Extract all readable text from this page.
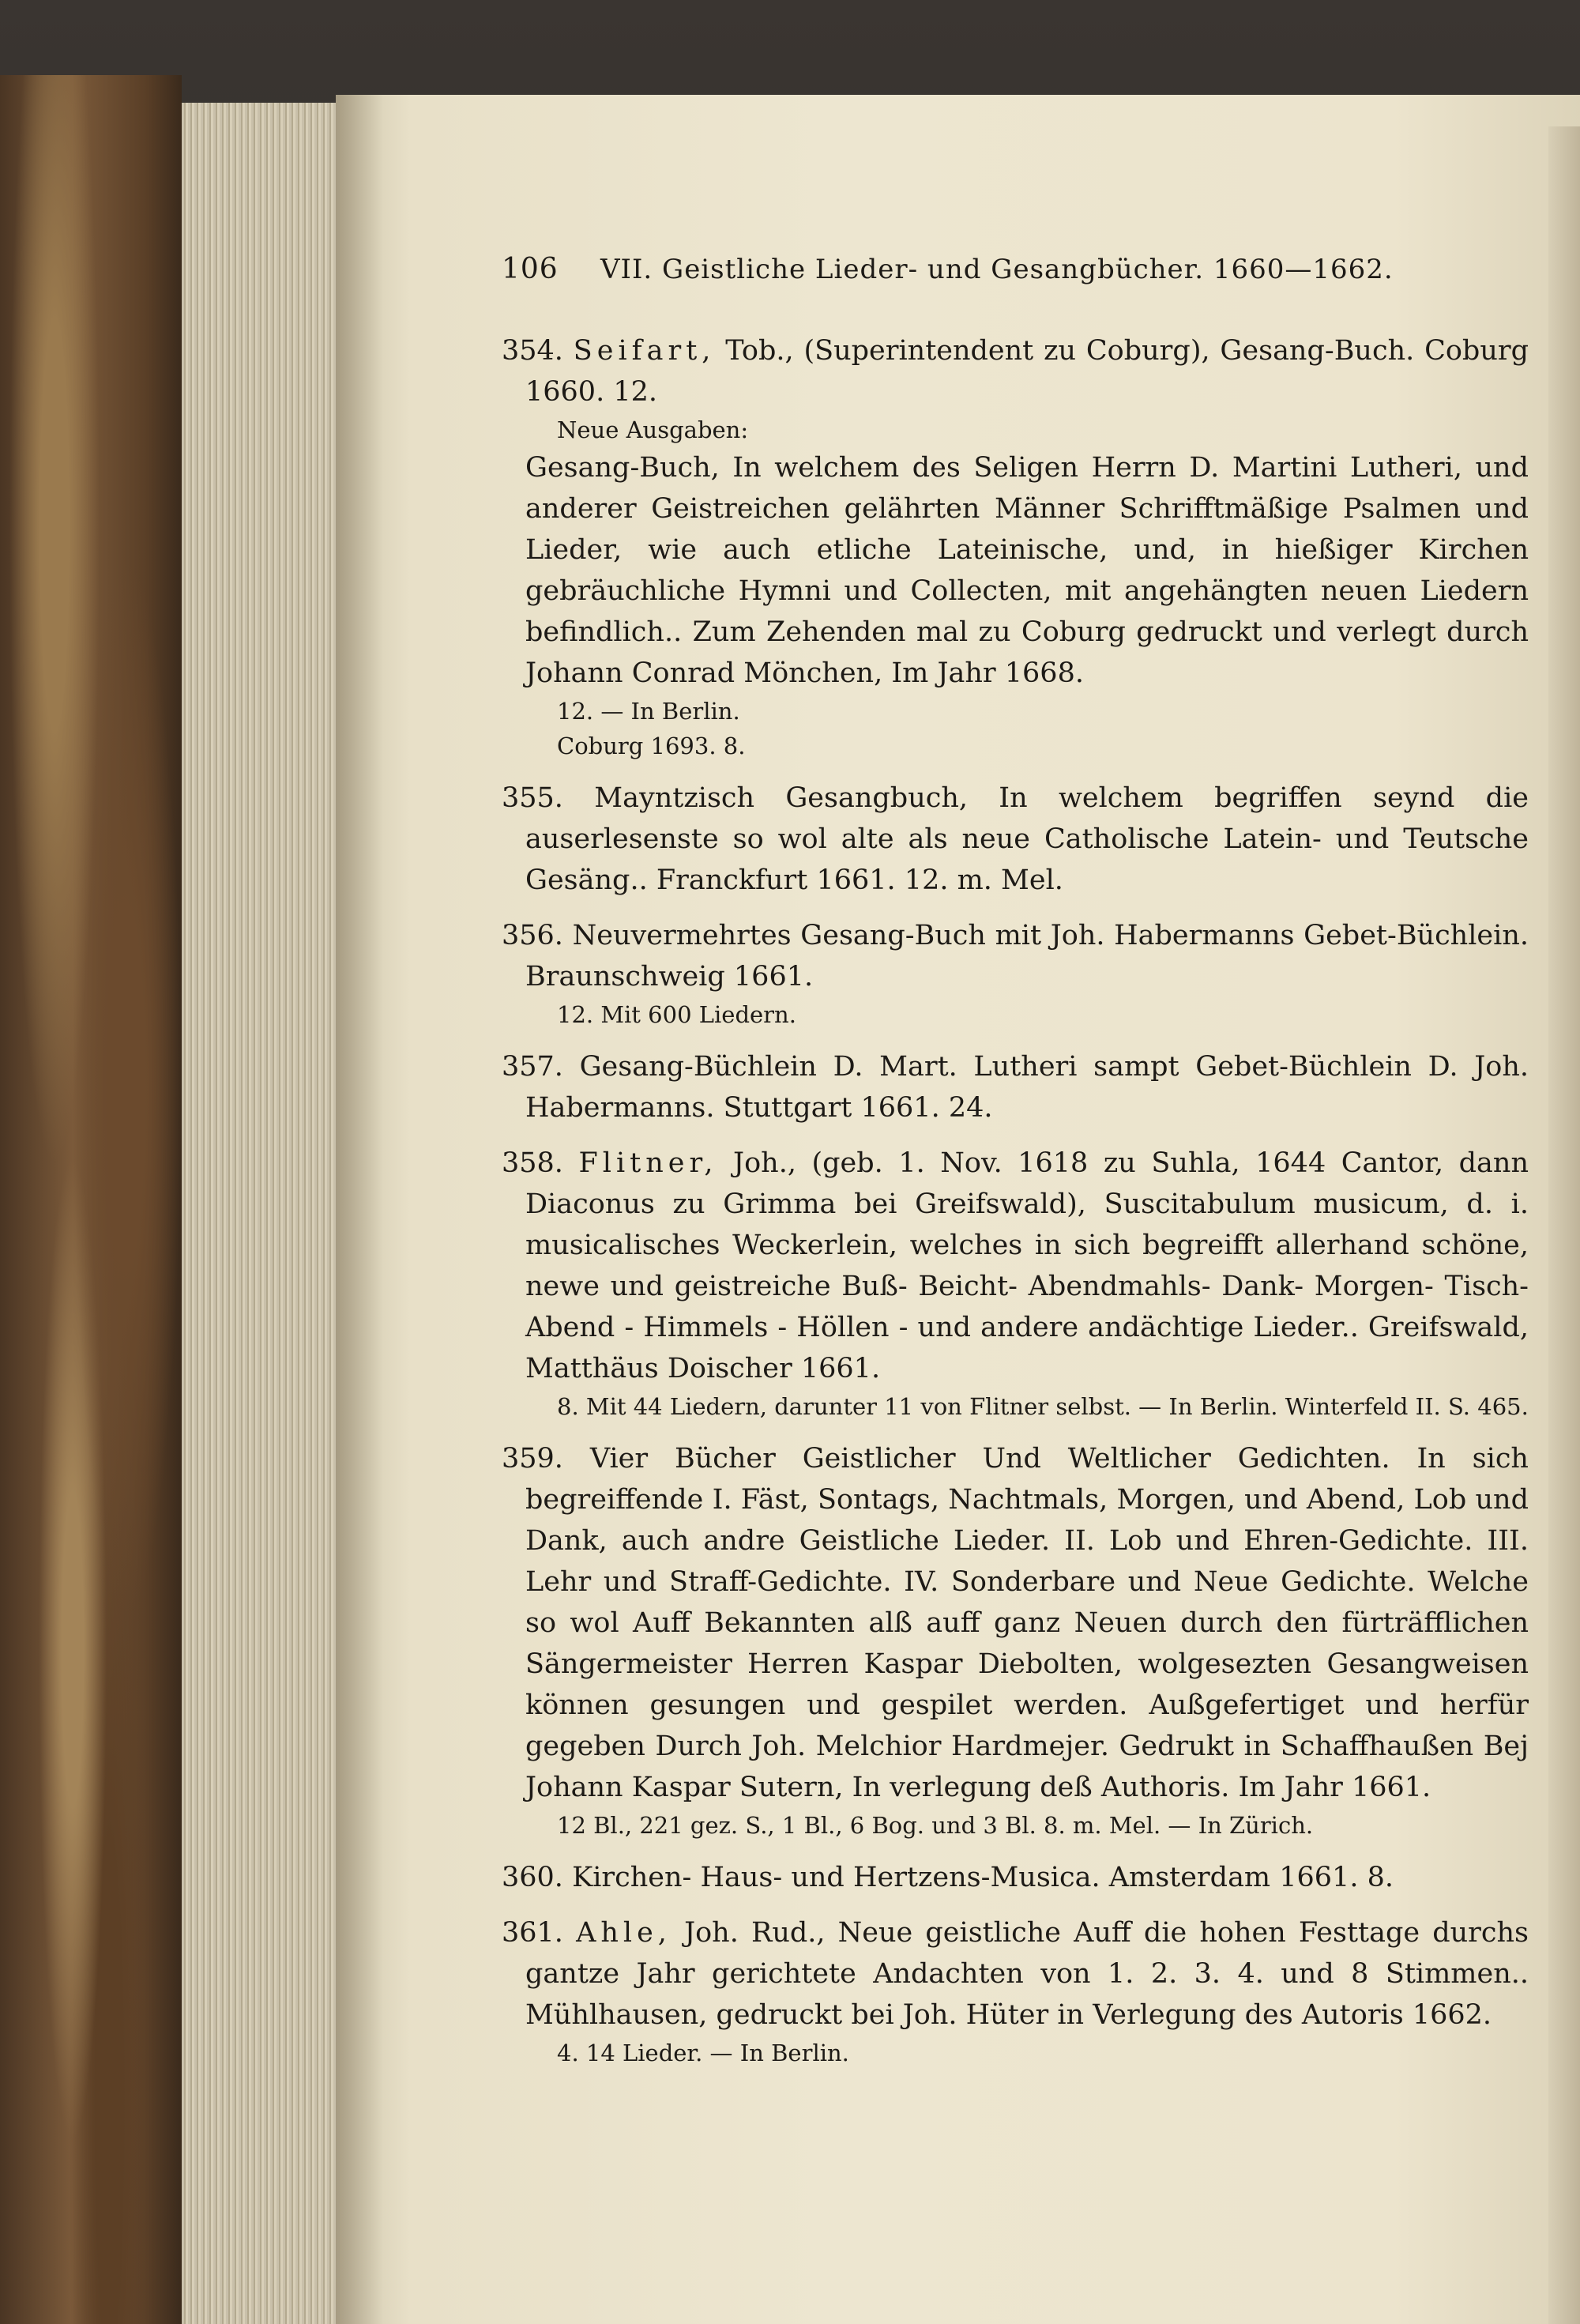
106	VII. Geistliche Lieder- und Gesangbücher. 1660—1662.
354. Seifart, Tob., (Superintendent zu Coburg), Gesang-Buch. Coburg 1660. 12.
Neue Ausgaben:
Gesang-Buch, In welchem des Seligen Herrn D. Martini Lutheri, und anderer Geistreichen gelährten Männer Schrifftmäßige Psalmen und Lieder, wie auch etliche Lateinische, und, in hießiger Kirchen gebräuchliche Hymni und Collecten, mit angehängten neuen Liedern befindlich.. Zum Zehenden mal zu Coburg gedruckt und verlegt durch Johann Conrad Mönchen, Im Jahr 1668.
12. — In Berlin.
Coburg 1693. 8.
355. Mayntzisch Gesangbuch, In welchem begriffen seynd die auserlesenste so wol alte als neue Catholische Latein- und Teutsche Gesäng.. Franckfurt 1661. 12. m. Mel.
356. Neuvermehrtes Gesang-Buch mit Joh. Habermanns Gebet-Büchlein. Braunschweig 1661.
12. Mit 600 Liedern.
357. Gesang-Büchlein D. Mart. Lutheri sampt Gebet-Büchlein D. Joh. Habermanns. Stuttgart 1661. 24.
358. Flitner, Joh., (geb. 1. Nov. 1618 zu Suhla, 1644 Cantor, dann Diaconus zu Grimma bei Greifswald), Suscitabulum musicum, d. i. musicalisches Weckerlein, welches in sich begreifft allerhand schöne, newe und geistreiche Buß- Beicht- Abendmahls- Dank- Morgen- Tisch-Abend - Himmels - Höllen - und andere andächtige Lieder.. Greifswald, Matthäus Doischer 1661.
8. Mit 44 Liedern, darunter 11 von Flitner selbst. — In Berlin. Winterfeld II. S. 465.
359. Vier Bücher Geistlicher Und Weltlicher Gedichten. In sich begreiffende I. Fäst, Sontags, Nachtmals, Morgen, und Abend, Lob und Dank, auch andre Geistliche Lieder. II. Lob und Ehren-Gedichte. III. Lehr und Straff-Gedichte. IV. Sonderbare und Neue Gedichte. Welche so wol Auff Bekannten alß auff ganz Neuen durch den fürträfflichen Sängermeister Herren Kaspar Diebolten, wolgesezten Gesangweisen können gesungen und gespilet werden. Außgefertiget und herfür gegeben Durch Joh. Melchior Hardmejer. Gedrukt in Schaffhaußen Bej Johann Kaspar Sutern, In verlegung deß Authoris. Im Jahr 1661.
12 Bl., 221 gez. S., 1 Bl., 6 Bog. und 3 Bl. 8. m. Mel. — In Zürich.
360. Kirchen- Haus- und Hertzens-Musica. Amsterdam 1661. 8.
361. Ahle, Joh. Rud., Neue geistliche Auff die hohen Festtage durchs gantze Jahr gerichtete Andachten von 1. 2. 3. 4. und 8 Stimmen.. Mühlhausen, gedruckt bei Joh. Hüter in Verlegung des Autoris 1662.
4. 14 Lieder. — In Berlin.
